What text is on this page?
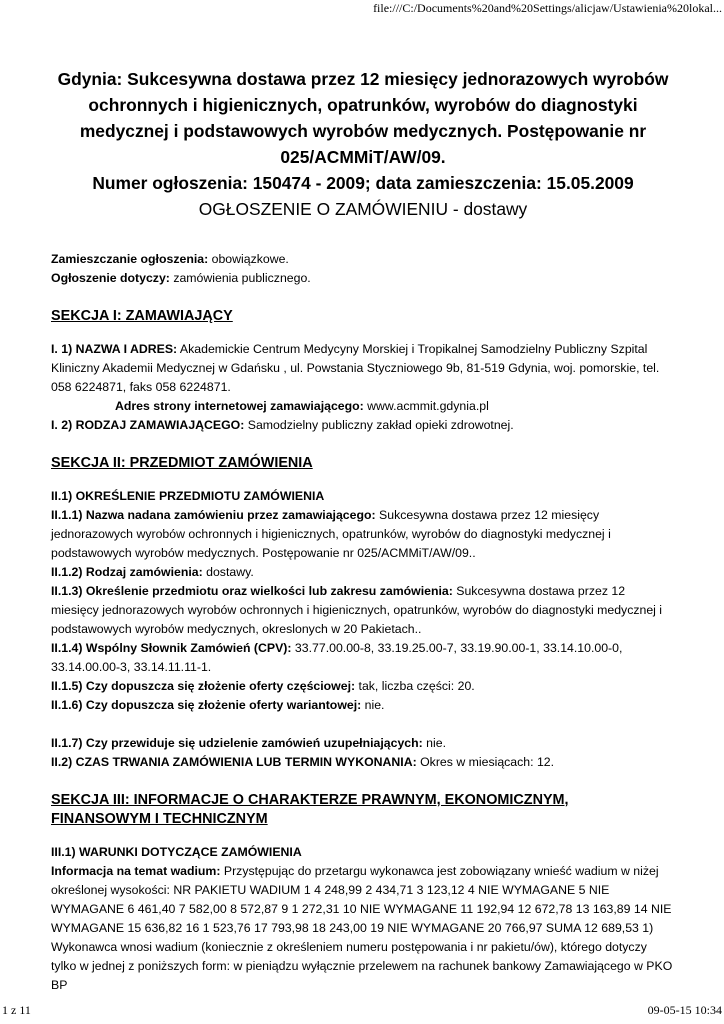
file:///C:/Documents%20and%20Settings/alicjaw/Ustawienia%20lokal...
Gdynia: Sukcesywna dostawa przez 12 miesięcy jednorazowych wyrobów
ochronnych i higienicznych, opatrunków, wyrobów do diagnostyki
medycznej i podstawowych wyrobów medycznych. Postępowanie nr
025/ACMMiT/AW/09.
Numer ogłoszenia: 150474 - 2009; data zamieszczenia: 15.05.2009
OGŁOSZENIE O ZAMÓWIENIU - dostawy

Zamieszczanie ogłoszenia: obowiązkowe.

Ogłoszenie dotyczy: zamówienia publicznego.

SEKCJA I: ZAMAWIAJĄCY

I. 1) NAZWA I ADRES: Akademickie Centrum Medycyny Morskiej i Tropikalnej Samodzielny Publiczny Szpital Kliniczny Akademii Medycznej w Gdańsku , ul. Powstania Styczniowego 9b, 81-519 Gdynia, woj. pomorskie, tel. 058 6224871, faks 058 6224871.

Adres strony internetowej zamawiającego: www.acmmit.gdynia.pl

I. 2) RODZAJ ZAMAWIAJĄCEGO: Samodzielny publiczny zakład opieki zdrowotnej.

SEKCJA II: PRZEDMIOT ZAMÓWIENIA

II.1) OKREŚLENIE PRZEDMIOTU ZAMÓWIENIA

II.1.1) Nazwa nadana zamówieniu przez zamawiającego: Sukcesywna dostawa przez 12 miesięcy jednorazowych wyrobów ochronnych i higienicznych, opatrunków, wyrobów do diagnostyki medycznej i podstawowych wyrobów medycznych. Postępowanie nr 025/ACMMiT/AW/09..

II.1.2) Rodzaj zamówienia: dostawy.

II.1.3) Określenie przedmiotu oraz wielkości lub zakresu zamówienia: Sukcesywna dostawa przez 12 miesięcy jednorazowych wyrobów ochronnych i higienicznych, opatrunków, wyrobów do diagnostyki medycznej i podstawowych wyrobów medycznych, okreslonych w 20 Pakietach..

II.1.4) Wspólny Słownik Zamówień (CPV): 33.77.00.00-8, 33.19.25.00-7, 33.19.90.00-1, 33.14.10.00-0, 33.14.00.00-3, 33.14.11.11-1.

II.1.5) Czy dopuszcza się złożenie oferty częściowej: tak, liczba części: 20.

II.1.6) Czy dopuszcza się złożenie oferty wariantowej: nie.

II.1.7) Czy przewiduje się udzielenie zamówień uzupełniających: nie.

II.2) CZAS TRWANIA ZAMÓWIENIA LUB TERMIN WYKONANIA: Okres w miesiącach: 12.

SEKCJA III: INFORMACJE O CHARAKTERZE PRAWNYM, EKONOMICZNYM,
FINANSOWYM I TECHNICZNYM

III.1) WARUNKI DOTYCZĄCE ZAMÓWIENIA

Informacja na temat wadium: Przystępując do przetargu wykonawca jest zobowiązany wnieść wadium w niżej określonej wysokości: NR PAKIETU WADIUM 1 4 248,99 2 434,71 3 123,12 4 NIE WYMAGANE 5 NIE WYMAGANE 6 461,40 7 582,00 8 572,87 9 1 272,31 10 NIE WYMAGANE 11 192,94 12 672,78 13 163,89 14 NIE WYMAGANE 15 636,82 16 1 523,76 17 793,98 18 243,00 19 NIE WYMAGANE 20 766,97 SUMA 12 689,53 1) Wykonawca wnosi wadium (koniecznie z określeniem numeru postępowania i nr pakietu/ów), którego dotyczy tylko w jednej z poniższych form: w pieniądzu wyłącznie przelewem na rachunek bankowy Zamawiającego w PKO BP

1 z 11	09-05-15 10:34
